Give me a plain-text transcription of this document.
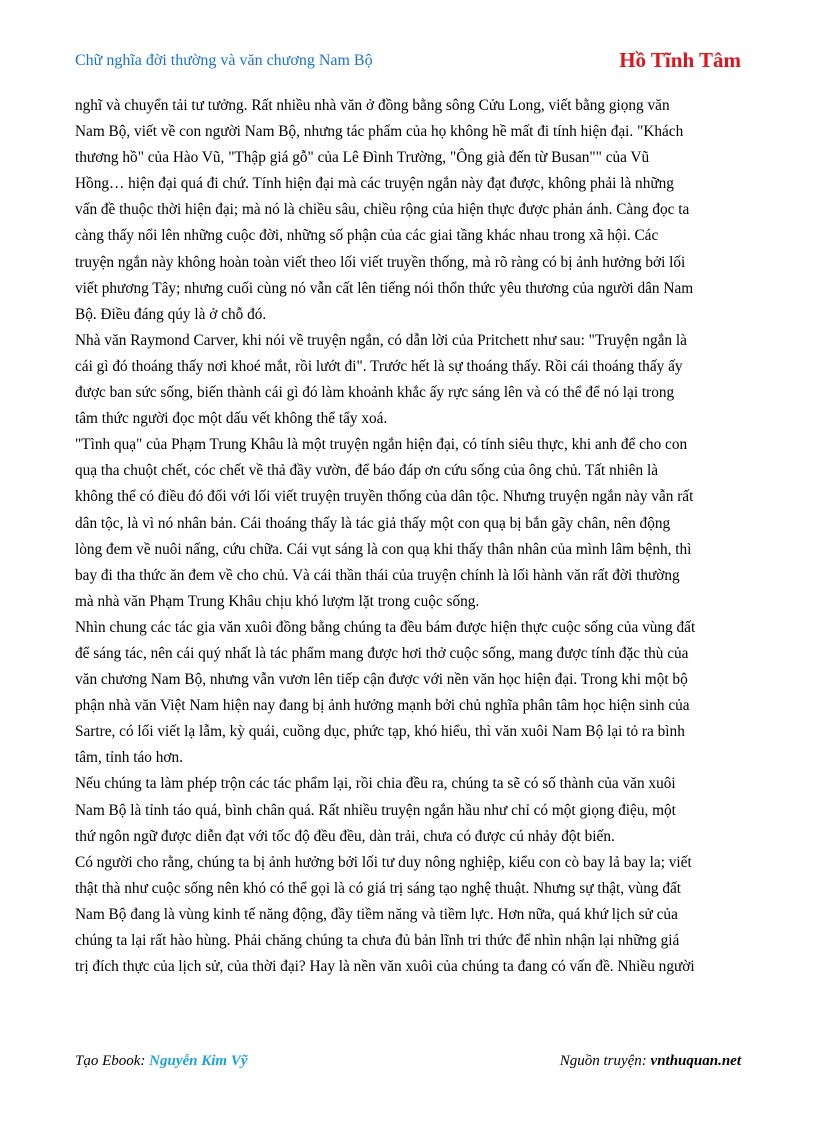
Chữ nghĩa đời thường và văn chương Nam Bộ	Hồ Tĩnh Tâm

nghĩ và chuyển tải tư tưởng. Rất nhiều nhà văn ở đồng bằng sông Cửu Long, viết bằng giọng văn
Nam Bộ, viết về con người Nam Bộ, nhưng tác phẩm của họ không hề mất đi tính hiện đại. "Khách
thương hồ" của Hào Vũ, "Thập giá gỗ" của Lê Đình Trường, "Ông già đến từ Busan"" của Vũ
Hồng… hiện đại quá đi chứ. Tính hiện đại mà các truyện ngắn này đạt được, không phải là những
vấn đề thuộc thời hiện đại; mà nó là chiều sâu, chiều rộng của hiện thực được phản ánh. Càng đọc ta
càng thấy nổi lên những cuộc đời, những số phận của các giai tầng khác nhau trong xã hội. Các
truyện ngắn này không hoàn toàn viết theo lối viết truyền thống, mà rõ ràng có bị ảnh hưởng bởi lối
viết phương Tây; nhưng cuối cùng nó vẫn cất lên tiếng nói thổn thức yêu thương của người dân Nam
Bộ. Điều đáng qúy là ở chỗ đó.

Nhà văn Raymond Carver, khi nói về truyện ngắn, có dẫn lời của Pritchett như sau: "Truyện ngắn là
cái gì đó thoáng thấy nơi khoé mắt, rồi lướt đi". Trước hết là sự thoáng thấy. Rồi cái thoáng thấy ấy
được ban sức sống, biến thành cái gì đó làm khoảnh khắc ấy rực sáng lên và có thể để nó lại trong
tâm thức người đọc một dấu vết không thể tẩy xoá.

"Tình quạ" của Phạm Trung Khâu là một truyện ngắn hiện đại, có tính siêu thực, khi anh để cho con
quạ tha chuột chết, cóc chết về thả đầy vườn, để báo đáp ơn cứu sống của ông chủ. Tất nhiên là
không thể có điều đó đối với lối viết truyện truyền thống của dân tộc. Nhưng truyện ngắn này vẫn rất
dân tộc, là vì nó nhân bản. Cái thoáng thấy là tác giả thấy một con quạ bị bắn gãy chân, nên động
lòng đem về nuôi nấng, cứu chữa. Cái vụt sáng là con quạ khi thấy thân nhân của mình lâm bệnh, thì
bay đi tha thức ăn đem về cho chủ. Và cái thần thái của truyện chính là lối hành văn rất đời thường
mà nhà văn Phạm Trung Khâu chịu khó lượm lặt trong cuộc sống.

Nhìn chung các tác gia văn xuôi đồng bằng chúng ta đều bám được hiện thực cuộc sống của vùng đất
để sáng tác, nên cái quý nhất là tác phẩm mang được hơi thở cuộc sống, mang được tính đặc thù của
văn chương Nam Bộ, nhưng vẫn vươn lên tiếp cận được với nền văn học hiện đại. Trong khi một bộ
phận nhà văn Việt Nam hiện nay đang bị ảnh hưởng mạnh bởi chủ nghĩa phân tâm học hiện sinh của
Sartre, có lối viết lạ lẫm, kỳ quái, cuồng dục, phức tạp, khó hiểu, thì văn xuôi Nam Bộ lại tỏ ra bình
tâm, tỉnh táo hơn.

Nếu chúng ta làm phép trộn các tác phẩm lại, rồi chia đều ra, chúng ta sẽ có số thành của văn xuôi
Nam Bộ là tỉnh táo quá, bình chân quá. Rất nhiều truyện ngắn hầu như chỉ có một giọng điệu, một
thứ ngôn ngữ được diễn đạt với tốc độ đều đều, dàn trải, chưa có được cú nhảy đột biến.

Có người cho rằng, chúng ta bị ảnh hưởng bởi lối tư duy nông nghiệp, kiểu con cò bay lả bay la; viết
thật thà như cuộc sống nên khó có thể gọi là có giá trị sáng tạo nghệ thuật. Nhưng sự thật, vùng đất
Nam Bộ đang là vùng kinh tế năng động, đầy tiềm năng và tiềm lực. Hơn nữa, quá khứ lịch sử của
chúng ta lại rất hào hùng. Phải chăng chúng ta chưa đủ bản lĩnh tri thức để nhìn nhận lại những giá
trị đích thực của lịch sử, của thời đại? Hay là nền văn xuôi của chúng ta đang có vấn đề. Nhiều người

Tạo Ebook: Nguyễn Kim Vỹ	Nguồn truyện: vnthuquan.net
